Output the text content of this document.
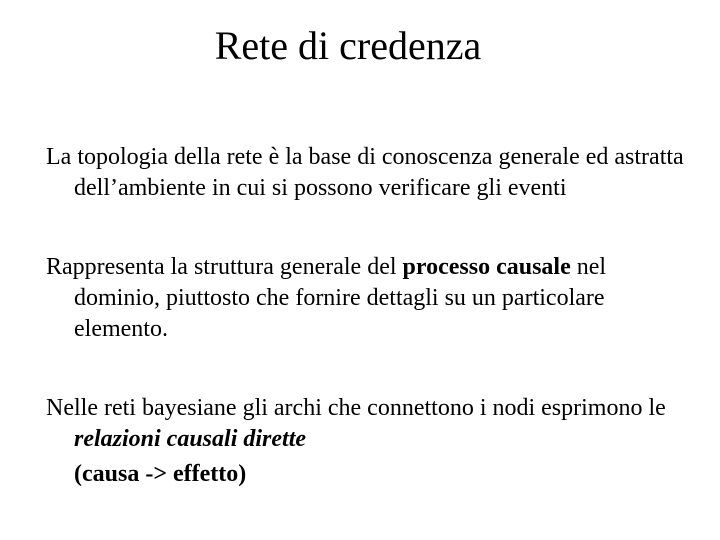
Rete di credenza

La topologia della rete è la base di conoscenza generale ed astratta dell’ambiente in cui si possono verificare gli eventi

Rappresenta la struttura generale del processo causale nel dominio, piuttosto che fornire dettagli su un particolare elemento.

Nelle reti bayesiane gli archi che connettono i nodi esprimono le relazioni causali dirette
(causa -> effetto)
